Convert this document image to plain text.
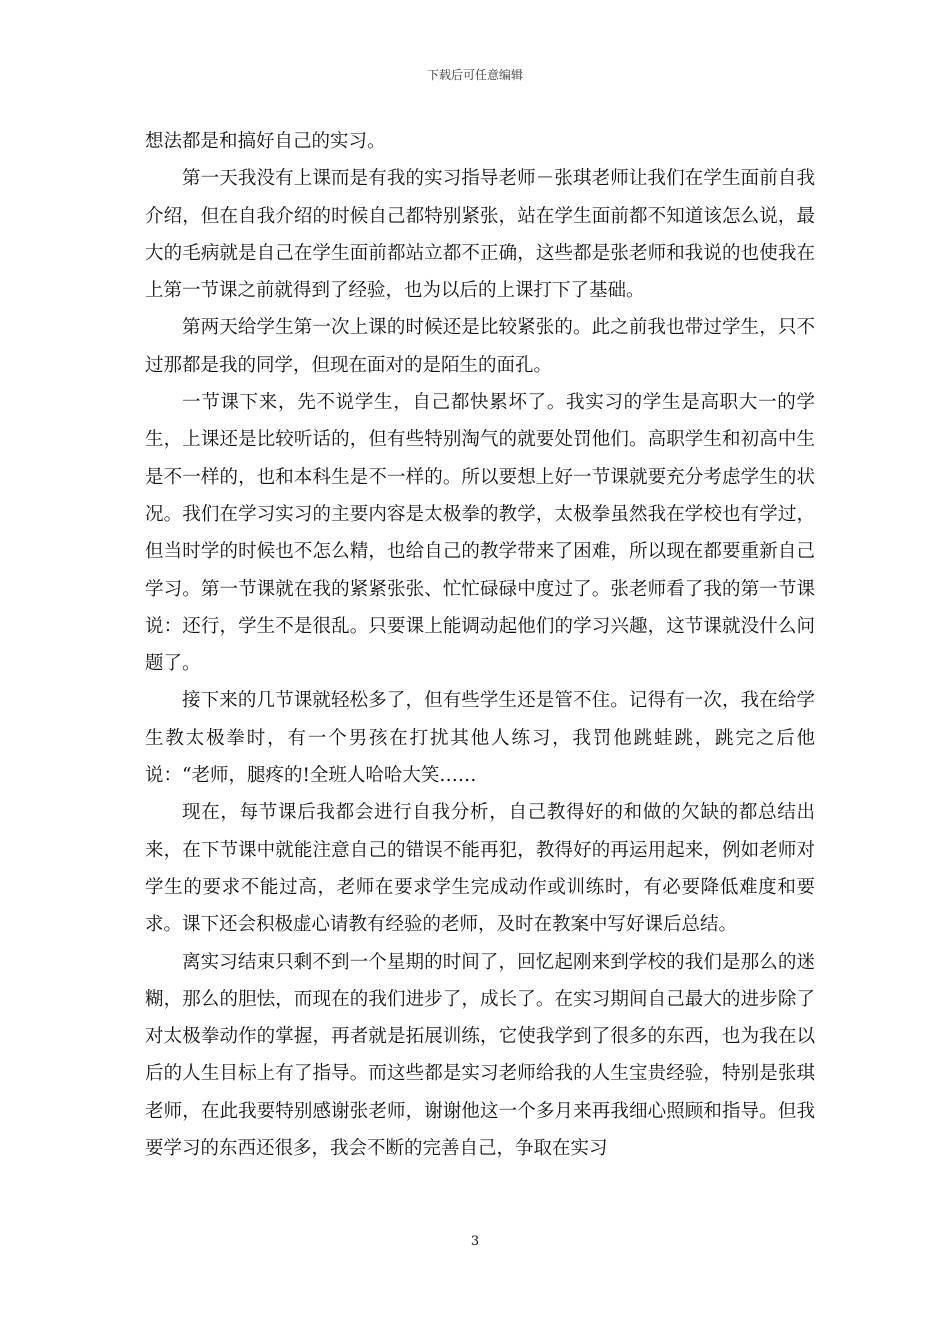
下载后可任意编辑

想法都是和搞好自己的实习。

第一天我没有上课而是有我的实习指导老师－张琪老师让我们在学生面前自我介绍，但在自我介绍的时候自己都特别紧张，站在学生面前都不知道该怎么说，最大的毛病就是自己在学生面前都站立都不正确，这些都是张老师和我说的也使我在上第一节课之前就得到了经验，也为以后的上课打下了基础。

第两天给学生第一次上课的时候还是比较紧张的。此之前我也带过学生，只不过那都是我的同学，但现在面对的是陌生的面孔。

一节课下来，先不说学生，自己都快累坏了。我实习的学生是高职大一的学生，上课还是比较听话的，但有些特别淘气的就要处罚他们。高职学生和初高中生是不一样的，也和本科生是不一样的。所以要想上好一节课就要充分考虑学生的状况。我们在学习实习的主要内容是太极拳的教学，太极拳虽然我在学校也有学过，但当时学的时候也不怎么精，也给自己的教学带来了困难，所以现在都要重新自己学习。第一节课就在我的紧紧张张、忙忙碌碌中度过了。张老师看了我的第一节课说：还行，学生不是很乱。只要课上能调动起他们的学习兴趣，这节课就没什么问题了。

接下来的几节课就轻松多了，但有些学生还是管不住。记得有一次，我在给学生教太极拳时，有一个男孩在打扰其他人练习，我罚他跳蛙跳，跳完之后他说：“老师，腿疼的!全班人哈哈大笑……

现在，每节课后我都会进行自我分析，自己教得好的和做的欠缺的都总结出来，在下节课中就能注意自己的错误不能再犯，教得好的再运用起来，例如老师对学生的要求不能过高，老师在要求学生完成动作或训练时，有必要降低难度和要求。课下还会积极虚心请教有经验的老师，及时在教案中写好课后总结。

离实习结束只剩不到一个星期的时间了，回忆起刚来到学校的我们是那么的迷糊，那么的胆怯，而现在的我们进步了，成长了。在实习期间自己最大的进步除了对太极拳动作的掌握，再者就是拓展训练，它使我学到了很多的东西，也为我在以后的人生目标上有了指导。而这些都是实习老师给我的人生宝贵经验，特别是张琪老师，在此我要特别感谢张老师，谢谢他这一个多月来再我细心照顾和指导。但我要学习的东西还很多，我会不断的完善自己，争取在实习

3
